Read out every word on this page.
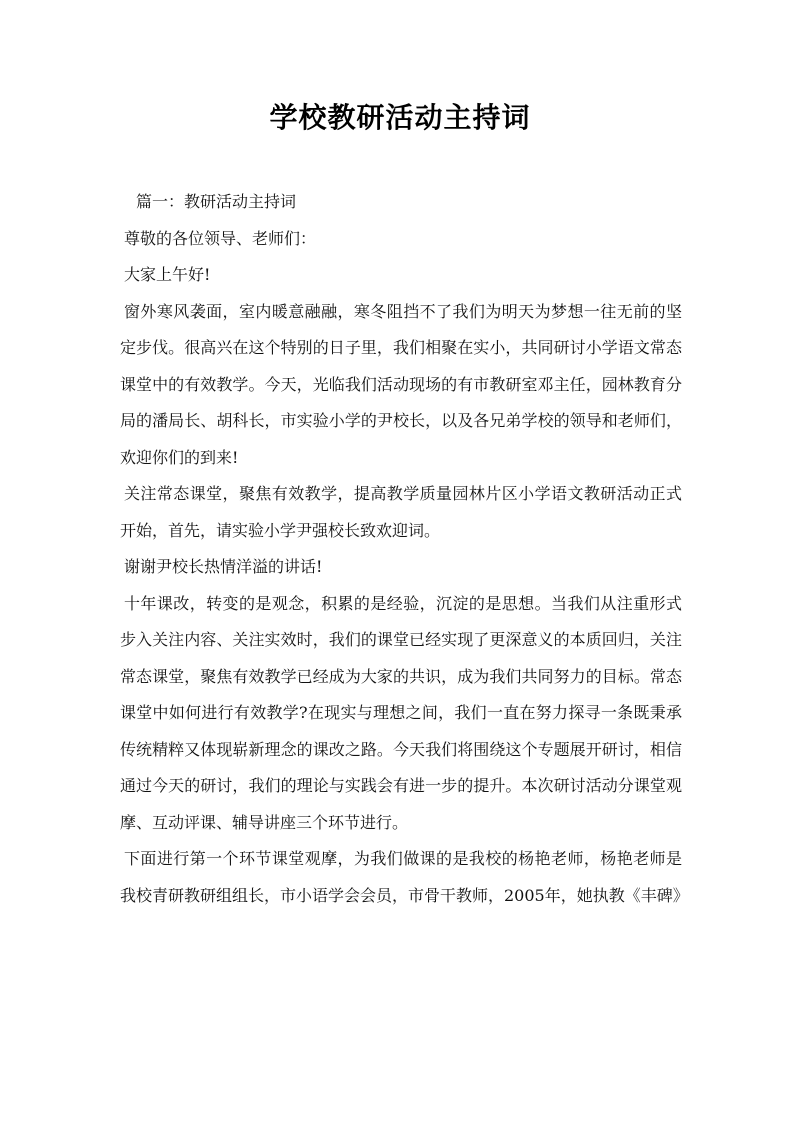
学校教研活动主持词

篇一：教研活动主持词

尊敬的各位领导、老师们：

大家上午好!

窗外寒风袭面，室内暖意融融，寒冬阻挡不了我们为明天为梦想一往无前的坚定步伐。很高兴在这个特别的日子里，我们相聚在实小，共同研讨小学语文常态课堂中的有效教学。今天，光临我们活动现场的有市教研室邓主任，园林教育分局的潘局长、胡科长，市实验小学的尹校长，以及各兄弟学校的领导和老师们，欢迎你们的到来!

关注常态课堂，聚焦有效教学，提高教学质量园林片区小学语文教研活动正式开始，首先，请实验小学尹强校长致欢迎词。

谢谢尹校长热情洋溢的讲话!

十年课改，转变的是观念，积累的是经验，沉淀的是思想。当我们从注重形式步入关注内容、关注实效时，我们的课堂已经实现了更深意义的本质回归，关注常态课堂，聚焦有效教学已经成为大家的共识，成为我们共同努力的目标。常态课堂中如何进行有效教学?在现实与理想之间，我们一直在努力探寻一条既秉承传统精粹又体现崭新理念的课改之路。今天我们将围绕这个专题展开研讨，相信通过今天的研讨，我们的理论与实践会有进一步的提升。本次研讨活动分课堂观摩、互动评课、辅导讲座三个环节进行。

下面进行第一个环节课堂观摩，为我们做课的是我校的杨艳老师，杨艳老师是我校青研教研组组长，市小语学会会员，市骨干教师，2005年，她执教《丰碑》
